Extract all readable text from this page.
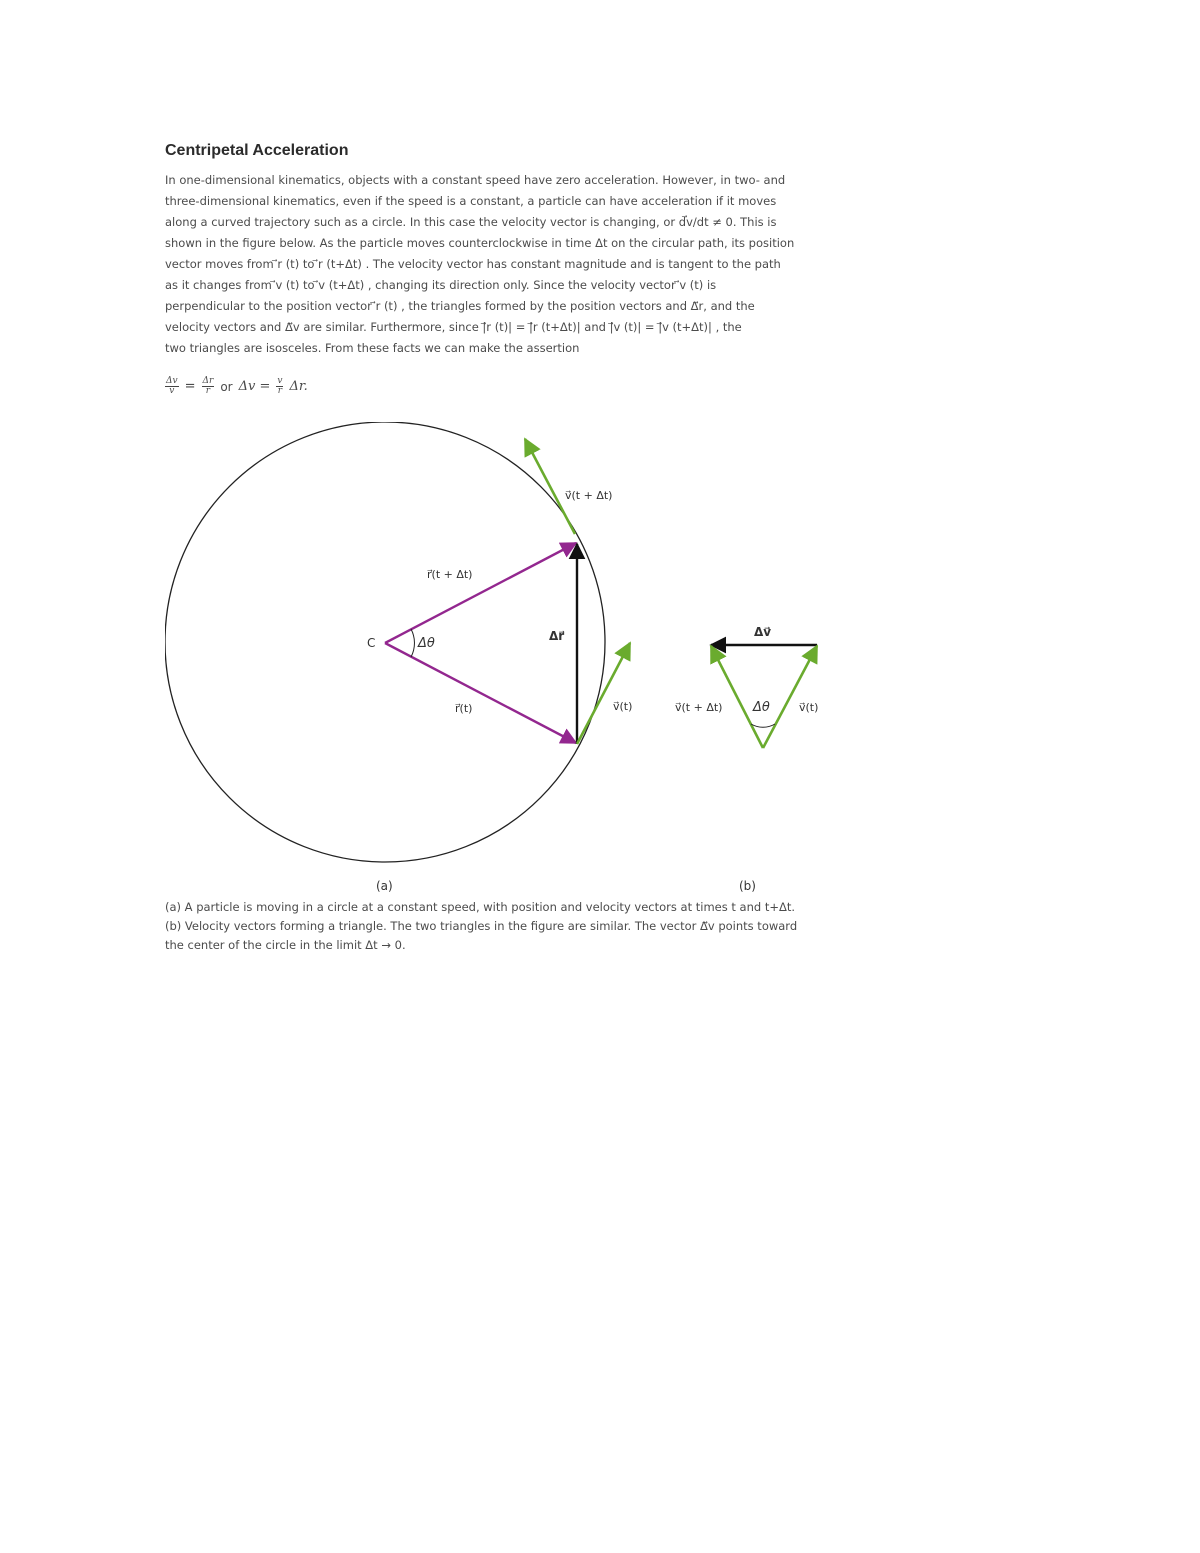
Centripetal Acceleration

In one-dimensional kinematics, objects with a constant speed have zero acceleration. However, in two- and

three-dimensional kinematics, even if the speed is a constant, a particle can have acceleration if it moves

along a curved trajectory such as a circle. In this case the velocity vector is changing, or d⃗v/dt ≠ 0. This is

shown in the figure below. As the particle moves counterclockwise in time Δt on the circular path, its position

vector moves from ⃗r (t) to ⃗r (t+Δt) . The velocity vector has constant magnitude and is tangent to the path

as it changes from ⃗v (t) to ⃗v (t+Δt) , changing its direction only. Since the velocity vector ⃗v (t) is

perpendicular to the position vector ⃗r (t) , the triangles formed by the position vectors and Δ⃗r, and the

velocity vectors and Δ⃗v are similar. Furthermore, since |⃗r (t)| = |⃗r (t+Δt)| and |⃗v (t)| = |⃗v (t+Δt)| , the

two triangles are isosceles. From these facts we can make the assertion

$\frac{\Delta v}{v} = \frac{\Delta r}{r}$ or $\Delta v = \frac{v}{r} \Delta r$.
C	Δθ
r⃗(t + Δt)
r⃗(t)
Δr⃗
v⃗(t + Δt)
v⃗(t)
Δv⃗
v⃗(t + Δt) Δθ	v⃗(t)
(a)	(b)

(a) A particle is moving in a circle at a constant speed, with position and velocity vectors at times t and t+Δt.

(b) Velocity vectors forming a triangle. The two triangles in the figure are similar. The vector Δ⃗v points toward

the center of the circle in the limit Δt → 0.
